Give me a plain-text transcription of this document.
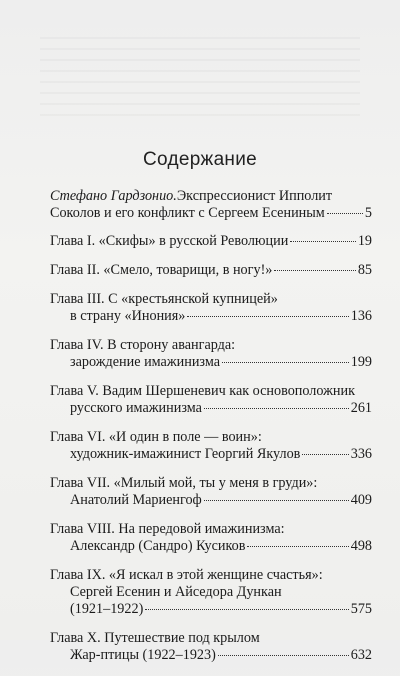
Содержание
Стефано Гардзонио. Экспрессионист Ипполит
Соколов и его конфликт с Сергеем Есениным	5
Глава I. «Скифы» в русской Революции	19
Глава II. «Смело, товарищи, в ногу!»	85
Глава III. С «крестьянской купницей»
в страну «Инония»	136
Глава IV. В сторону авангарда:
зарождение имажинизма	199
Глава V. Вадим Шершеневич как основоположник
русского имажинизма	261
Глава VI. «И один в поле — воин»:
художник-имажинист Георгий Якулов	336
Глава VII. «Милый мой, ты у меня в груди»:
Анатолий Мариенгоф	409
Глава VIII. На передовой имажинизма:
Александр (Сандро) Кусиков	498
Глава IX. «Я искал в этой женщине счастья»:
Сергей Есенин и Айседора Дункан
(1921–1922)	575
Глава X. Путешествие под крылом
Жар-птицы (1922–1923)	632
